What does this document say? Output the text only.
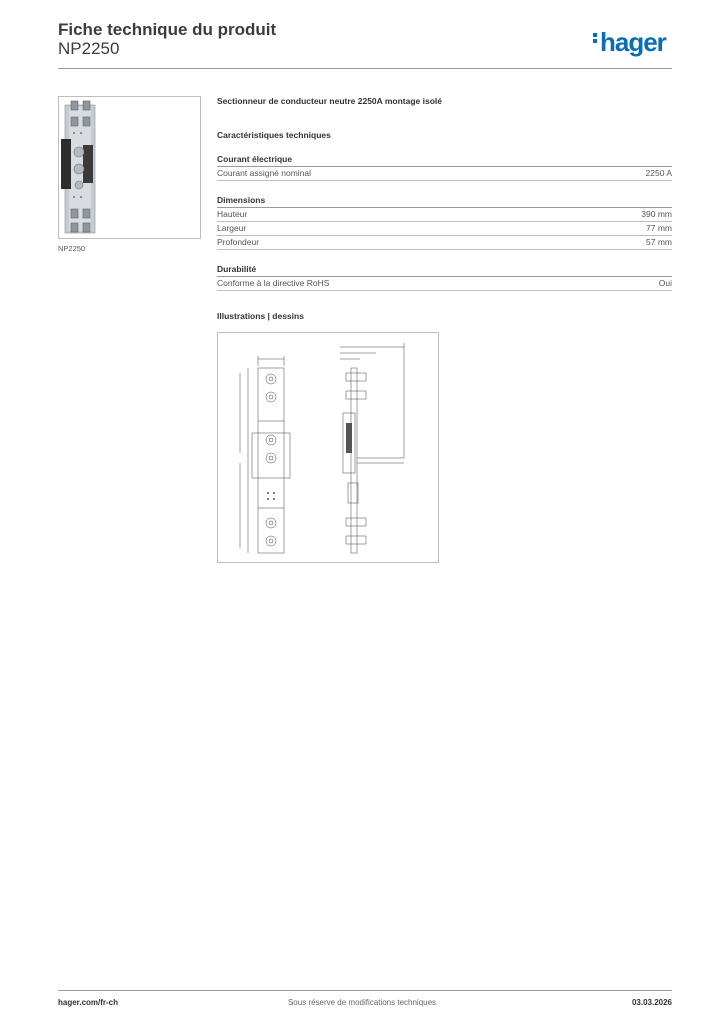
Fiche technique du produit
NP2250	hager
NP2250
Sectionneur de conducteur neutre 2250A montage isolé
Caractéristiques techniques
Courant électrique
Courant assigné nominal	2250 A
Dimensions
Hauteur	390 mm
Largeur	77 mm
Profondeur	57 mm
Durabilité
Conforme à la directive RoHS	Oui
Illustrations | dessins
hager.com/fr-ch	Sous réserve de modifications techniques	03.03.2026
